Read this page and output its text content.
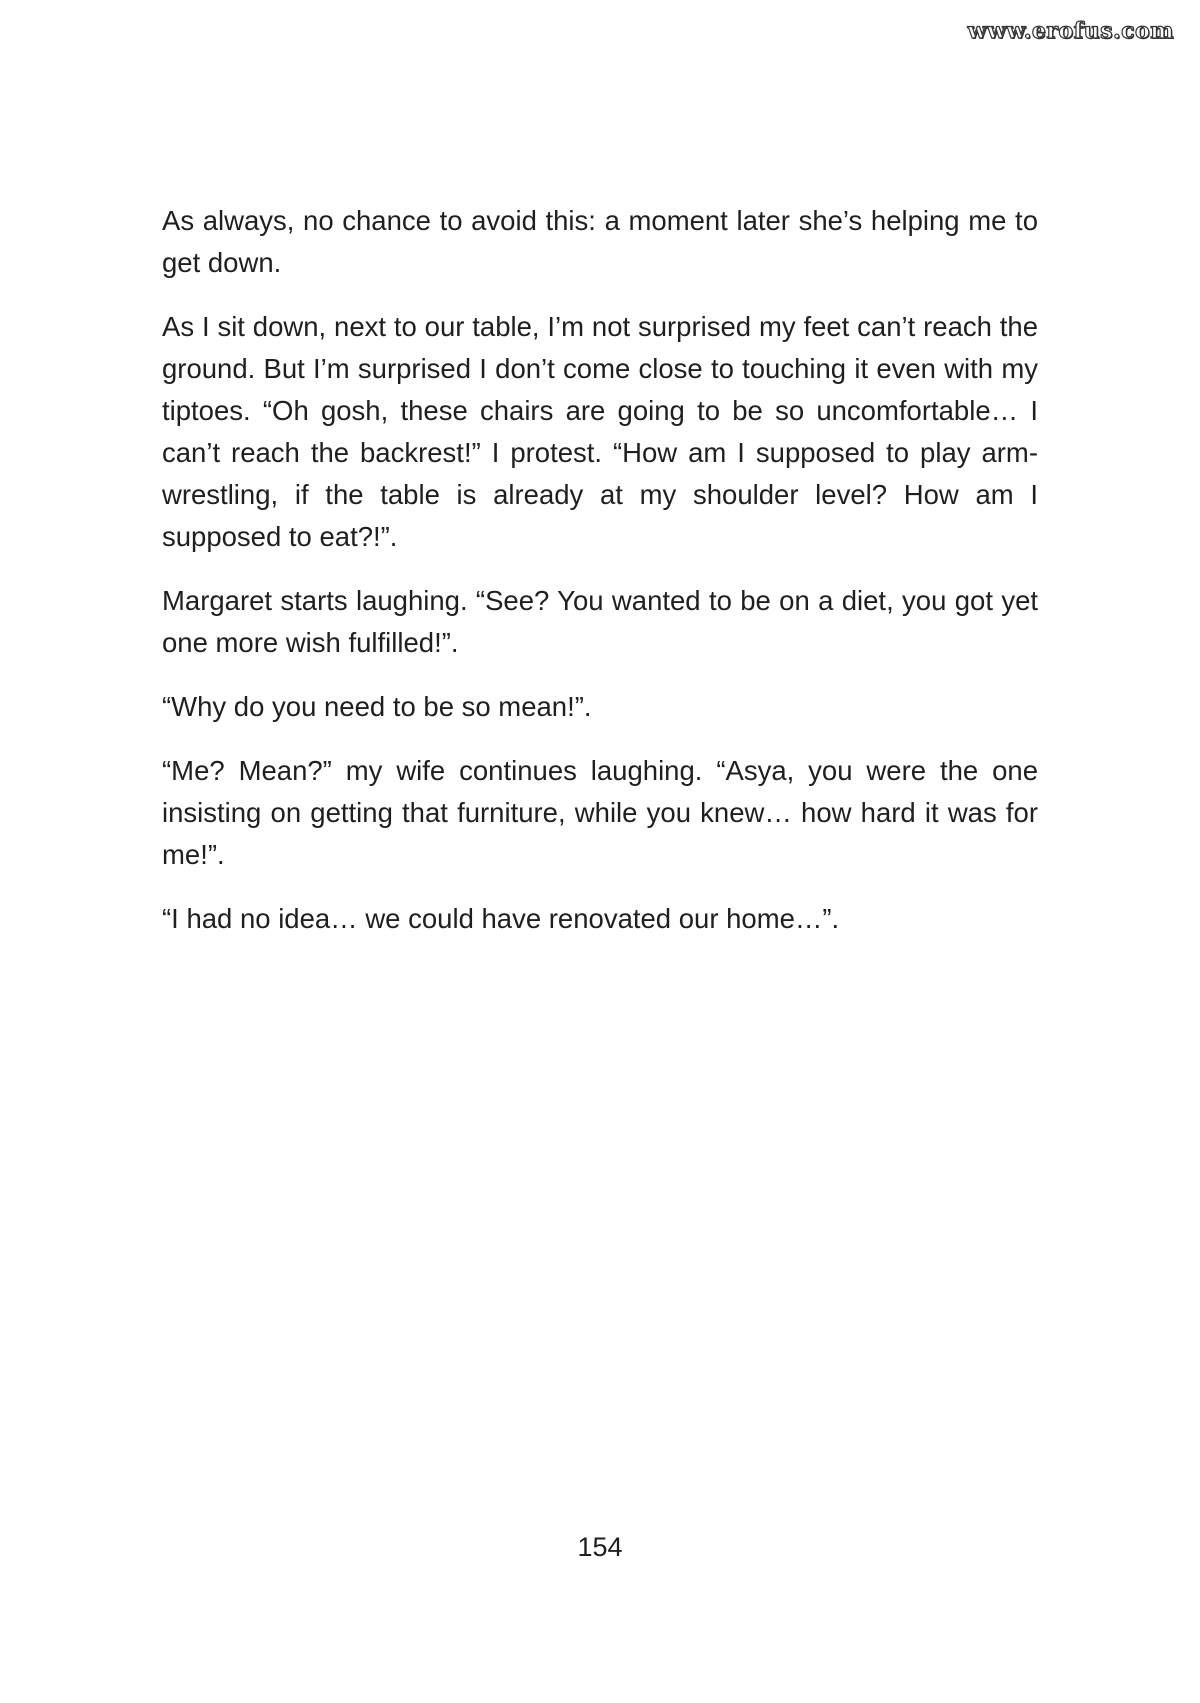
www.erofus.com

As always, no chance to avoid this: a moment later she’s helping me to get down.

As I sit down, next to our table, I’m not surprised my feet can’t reach the ground. But I’m surprised I don’t come close to touching it even with my tiptoes. “Oh gosh, these chairs are going to be so uncomfortable… I can’t reach the backrest!” I protest. “How am I supposed to play arm-wrestling, if the table is already at my shoulder level? How am I supposed to eat?!”.

Margaret starts laughing. “See? You wanted to be on a diet, you got yet one more wish fulfilled!”.

“Why do you need to be so mean!”.

“Me? Mean?” my wife continues laughing. “Asya, you were the one insisting on getting that furniture, while you knew… how hard it was for me!”.

“I had no idea… we could have renovated our home…”.

154
